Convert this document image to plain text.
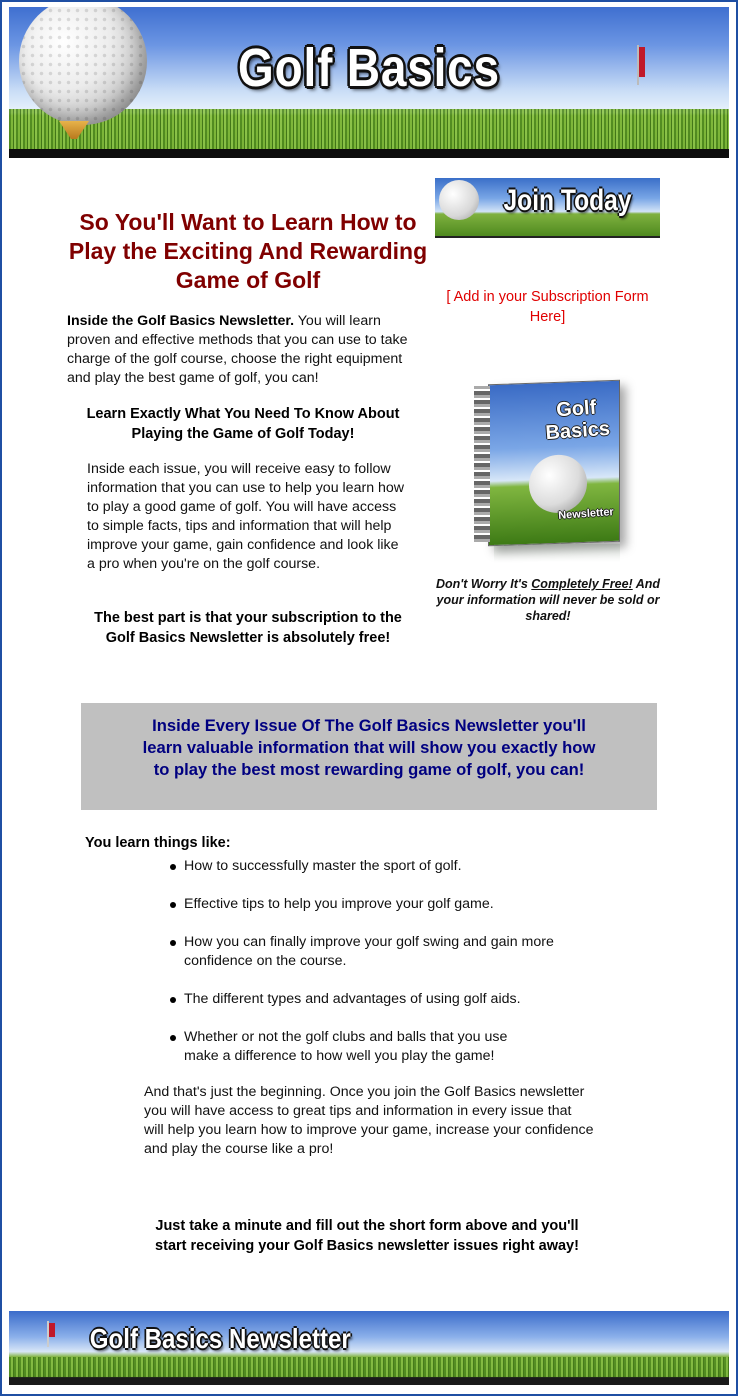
Golf Basics
So You'll Want to Learn How to Play the Exciting And Rewarding Game of Golf
Inside the Golf Basics Newsletter. You will learn proven and effective methods that you can use to take charge of the golf course, choose the right equipment and play the best game of golf, you can!
Learn Exactly What You Need To Know About Playing the Game of Golf Today!
Inside each issue, you will receive easy to follow information that you can use to help you learn how to play a good game of golf. You will have access to simple facts, tips and information that will help improve your game, gain confidence and look like a pro when you're on the golf course.
The best part is that your subscription to the Golf Basics Newsletter is absolutely free!
Join Today
[ Add in your Subscription Form Here]
Golf Basics
Newsletter
Don't Worry It's Completely Free! And your information will never be sold or shared!
Inside Every Issue Of The Golf Basics Newsletter you'll learn valuable information that will show you exactly how to play the best most rewarding game of golf, you can!
You learn things like:
How to successfully master the sport of golf.
Effective tips to help you improve your golf game.
How you can finally improve your golf swing and gain more confidence on the course.
The different types and advantages of using golf aids.
Whether or not the golf clubs and balls that you use make a difference to how well you play the game!
And that's just the beginning. Once you join the Golf Basics newsletter you will have access to great tips and information in every issue that will help you learn how to improve your game, increase your confidence and play the course like a pro!
Just take a minute and fill out the short form above and you'll start receiving your Golf Basics newsletter issues right away!
Golf Basics Newsletter
